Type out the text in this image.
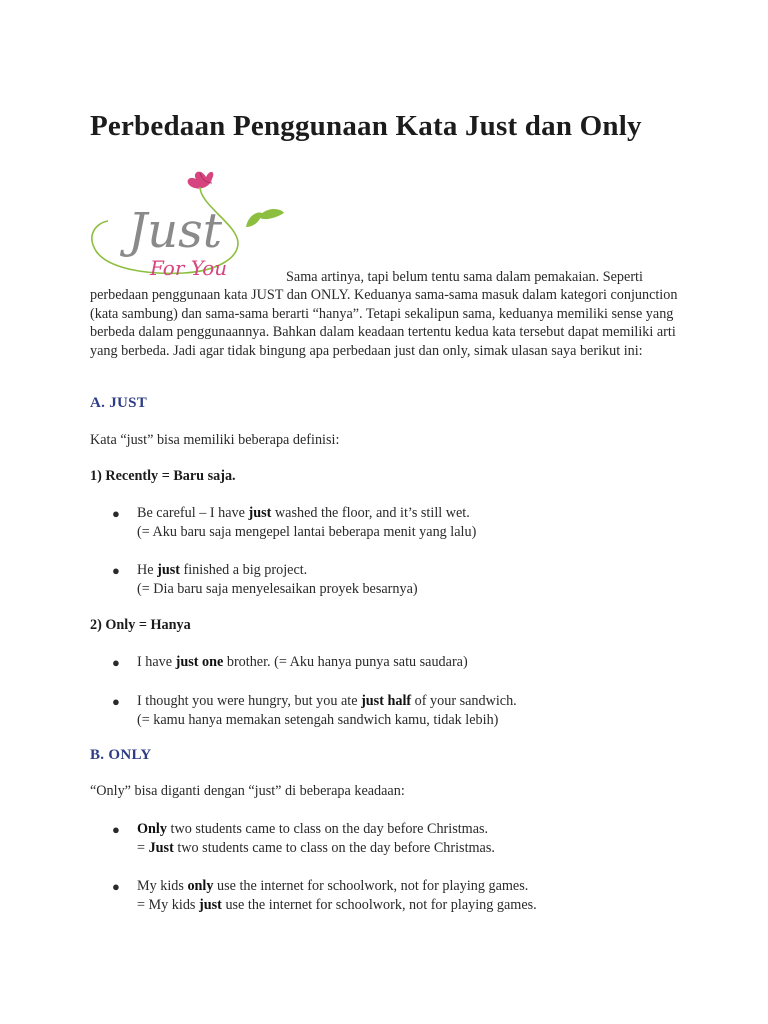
Perbedaan Penggunaan Kata Just dan Only
Just
For You	Sama artinya, tapi belum tentu sama dalam pemakaian. Seperti
perbedaan penggunaan kata JUST dan ONLY. Keduanya sama-sama masuk dalam kategori conjunction (kata sambung) dan sama-sama berarti “hanya”. Tetapi sekalipun sama, keduanya memiliki sense yang berbeda dalam penggunaannya. Bahkan dalam keadaan tertentu kedua kata tersebut dapat memiliki arti yang berbeda. Jadi agar tidak bingung apa perbedaan just dan only, simak ulasan saya berikut ini:

A. JUST

Kata “just” bisa memiliki beberapa definisi:

1) Recently = Baru saja.

● Be careful – I have just washed the floor, and it’s still wet.
(= Aku baru saja mengepel lantai beberapa menit yang lalu)
● He just finished a big project.
(= Dia baru saja menyelesaikan proyek besarnya)

2) Only = Hanya

● I have just one brother. (= Aku hanya punya satu saudara)
● I thought you were hungry, but you ate just half of your sandwich.
(= kamu hanya memakan setengah sandwich kamu, tidak lebih)
B. ONLY

“Only” bisa diganti dengan “just” di beberapa keadaan:

● Only two students came to class on the day before Christmas.
= Just two students came to class on the day before Christmas.
● My kids only use the internet for schoolwork, not for playing games.
= My kids just use the internet for schoolwork, not for playing games.
